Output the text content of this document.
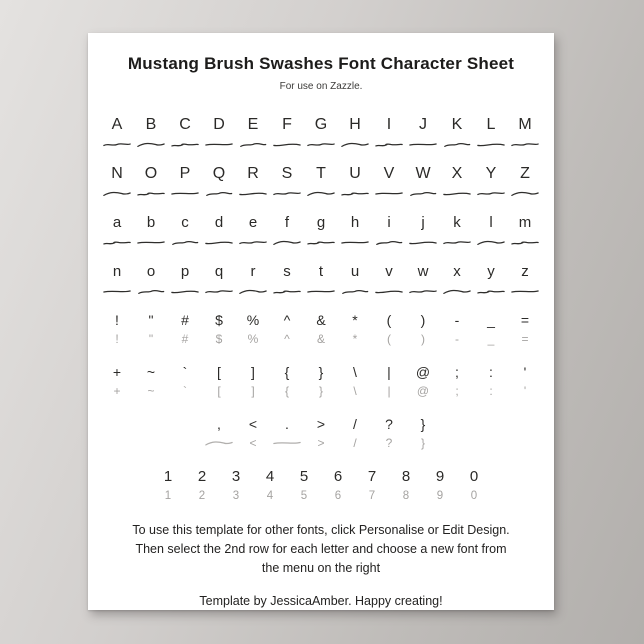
Mustang Brush Swashes Font Character Sheet
For use on Zazzle.
A B C D E F G H I J K L M
N O P Q R S T U V W X Y Z
a b c d e f g h i j k l m
n o p q r s t u v w x y z
!
!
"
"
#
#
$
$
%
%
^
^
&
&
*
*
(
(
)
)
-
-
_
_
=
=
+
+
~
~
`
`
[
[
]
]
{
{
}
}
\
\
|
|
@
@
;
;
:
:
'
'
, <
<
. >
>
/
/
?
?
}
}
1
1
2
2
3
3
4
4
5
5
6
6
7
7
8
8
9
9
0
0
To use this template for other fonts, click Personalise or Edit Design.
Then select the 2nd row for each letter and choose a new font from
the menu on the right
Template by JessicaAmber. Happy creating!
